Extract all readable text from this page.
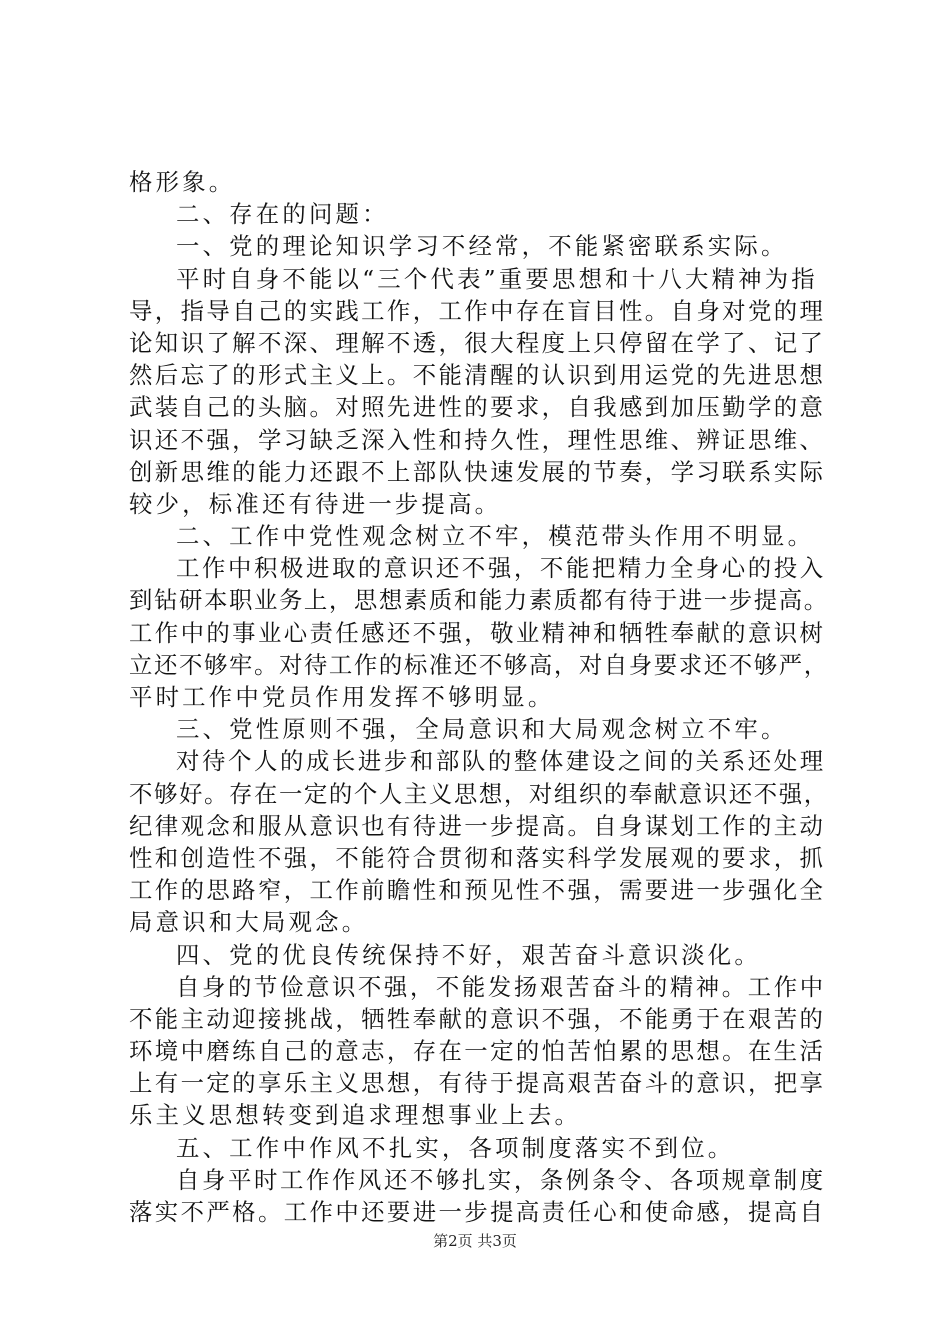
格形象。

二、存在的问题：

一、党的理论知识学习不经常，不能紧密联系实际。

平时自身不能以“三个代表”重要思想和十八大精神为指

导，指导自己的实践工作，工作中存在盲目性。自身对党的理

论知识了解不深、理解不透，很大程度上只停留在学了、记了

然后忘了的形式主义上。不能清醒的认识到用运党的先进思想

武装自己的头脑。对照先进性的要求，自我感到加压勤学的意

识还不强，学习缺乏深入性和持久性，理性思维、辨证思维、

创新思维的能力还跟不上部队快速发展的节奏，学习联系实际

较少，标准还有待进一步提高。

二、工作中党性观念树立不牢，模范带头作用不明显。

工作中积极进取的意识还不强，不能把精力全身心的投入

到钻研本职业务上，思想素质和能力素质都有待于进一步提高。

工作中的事业心责任感还不强，敬业精神和牺牲奉献的意识树

立还不够牢。对待工作的标准还不够高，对自身要求还不够严，

平时工作中党员作用发挥不够明显。

三、党性原则不强，全局意识和大局观念树立不牢。

对待个人的成长进步和部队的整体建设之间的关系还处理

不够好。存在一定的个人主义思想，对组织的奉献意识还不强，

纪律观念和服从意识也有待进一步提高。自身谋划工作的主动

性和创造性不强，不能符合贯彻和落实科学发展观的要求，抓

工作的思路窄，工作前瞻性和预见性不强，需要进一步强化全

局意识和大局观念。

四、党的优良传统保持不好，艰苦奋斗意识淡化。

自身的节俭意识不强，不能发扬艰苦奋斗的精神。工作中

不能主动迎接挑战，牺牲奉献的意识不强，不能勇于在艰苦的

环境中磨练自己的意志，存在一定的怕苦怕累的思想。在生活

上有一定的享乐主义思想，有待于提高艰苦奋斗的意识，把享

乐主义思想转变到追求理想事业上去。

五、工作中作风不扎实，各项制度落实不到位。

自身平时工作作风还不够扎实，条例条令、各项规章制度

落实不严格。工作中还要进一步提高责任心和使命感，提高自

第2页 共3页
